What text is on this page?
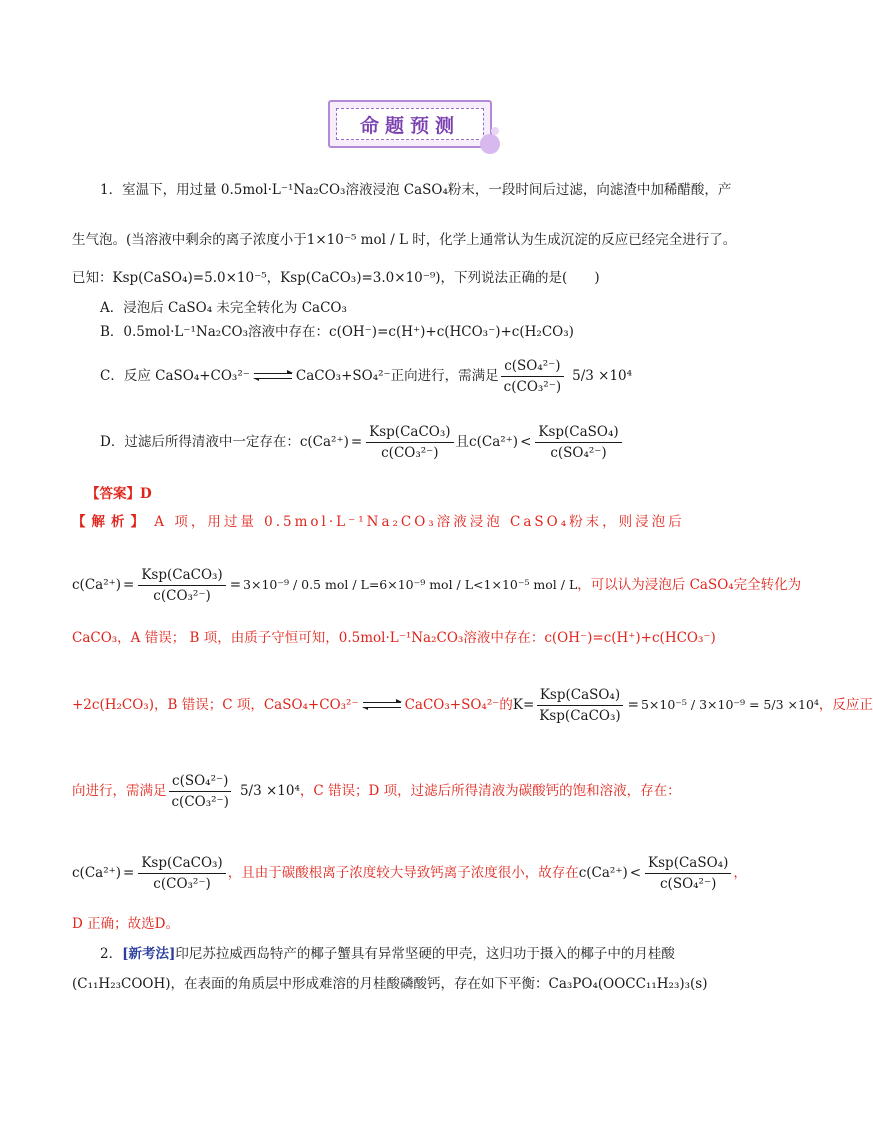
命题预测
1．室温下，用过量 0.5mol·L⁻¹Na₂CO₃溶液浸泡 CaSO₄粉末，一段时间后过滤，向滤渣中加稀醋酸，产
生气泡。(当溶液中剩余的离子浓度小于1×10⁻⁵ mol / L 时，化学上通常认为生成沉淀的反应已经完全进行了。
已知：Ksp(CaSO₄)=5.0×10⁻⁵，Ksp(CaCO₃)=3.0×10⁻⁹)，下列说法正确的是(　　)
A．浸泡后 CaSO₄ 未完全转化为 CaCO₃
B．0.5mol·L⁻¹Na₂CO₃溶液中存在：c(OH⁻)=c(H⁺)+c(HCO₃⁻)+c(H₂CO₃)
C．反应 CaSO₄+CO₃²⁻	CaCO₃+SO₄²⁻正向进行，需满足 $\frac{\text{c(SO₄²⁻)}}{\text{c(CO₃²⁻)}} 5/3 \times 10^4$
D．过滤后所得清液中一定存在： $c(Ca^{2+}) = \frac{\text{Ksp(CaCO₃)}}{\text{c(CO₃²⁻)}}$ 且 $c(Ca^{2+}) < \frac{\text{Ksp(CaSO₄)}}{\text{c(SO₄²⁻)}}$
【答案】D
【解析】 A 项，用过量 0.5mol·L⁻¹Na₂CO₃溶液浸泡 CaSO₄粉末，则浸泡后
$c(Ca^{2+}) = \frac{\text{Ksp(CaCO₃)}}{\text{c(CO₃²⁻)}} = 3\times 10^{-9} / 0.5$ mol / L=6×10⁻⁹ mol / L<1×10⁻⁵ mol / L ，可以认为浸泡后 CaSO₄完全转化为
CaCO₃，A 错误； B 项，由质子守恒可知，0.5mol·L⁻¹Na₂CO₃溶液中存在：c(OH⁻)=c(H⁺)+c(HCO₃⁻)
+2c(H₂CO₃)，B 错误；C 项，CaSO₄+CO₃²⁻	CaCO₃+SO₄²⁻的 $K= \frac{\text{Ksp(CaSO₄)}}{\text{Ksp(CaCO₃)}} = 5\times 10^{-5} / 3\times 10^{-9} = 5/3 \times 10^4$ ，反应正
向进行，需满足 $\frac{\text{c(SO₄²⁻)}}{\text{c(CO₃²⁻)}} 5/3 \times 10^4$ ，C 错误；D 项，过滤后所得清液为碳酸钙的饱和溶液，存在：
$c(Ca^{2+}) = \frac{\text{Ksp(CaCO₃)}}{\text{c(CO₃²⁻)}}$ ，且由于碳酸根离子浓度较大导致钙离子浓度很小，故存在 $c(Ca^{2+}) < \frac{\text{Ksp(CaSO₄)}}{\text{c(SO₄²⁻)}}$ ，
D 正确；故选D。
2．[新考法]印尼苏拉威西岛特产的椰子蟹具有异常坚硬的甲壳，这归功于摄入的椰子中的月桂酸
(C₁₁H₂₃COOH)，在表面的角质层中形成难溶的月桂酸磷酸钙，存在如下平衡：Ca₃PO₄(OOCC₁₁H₂₃)₃(s)
